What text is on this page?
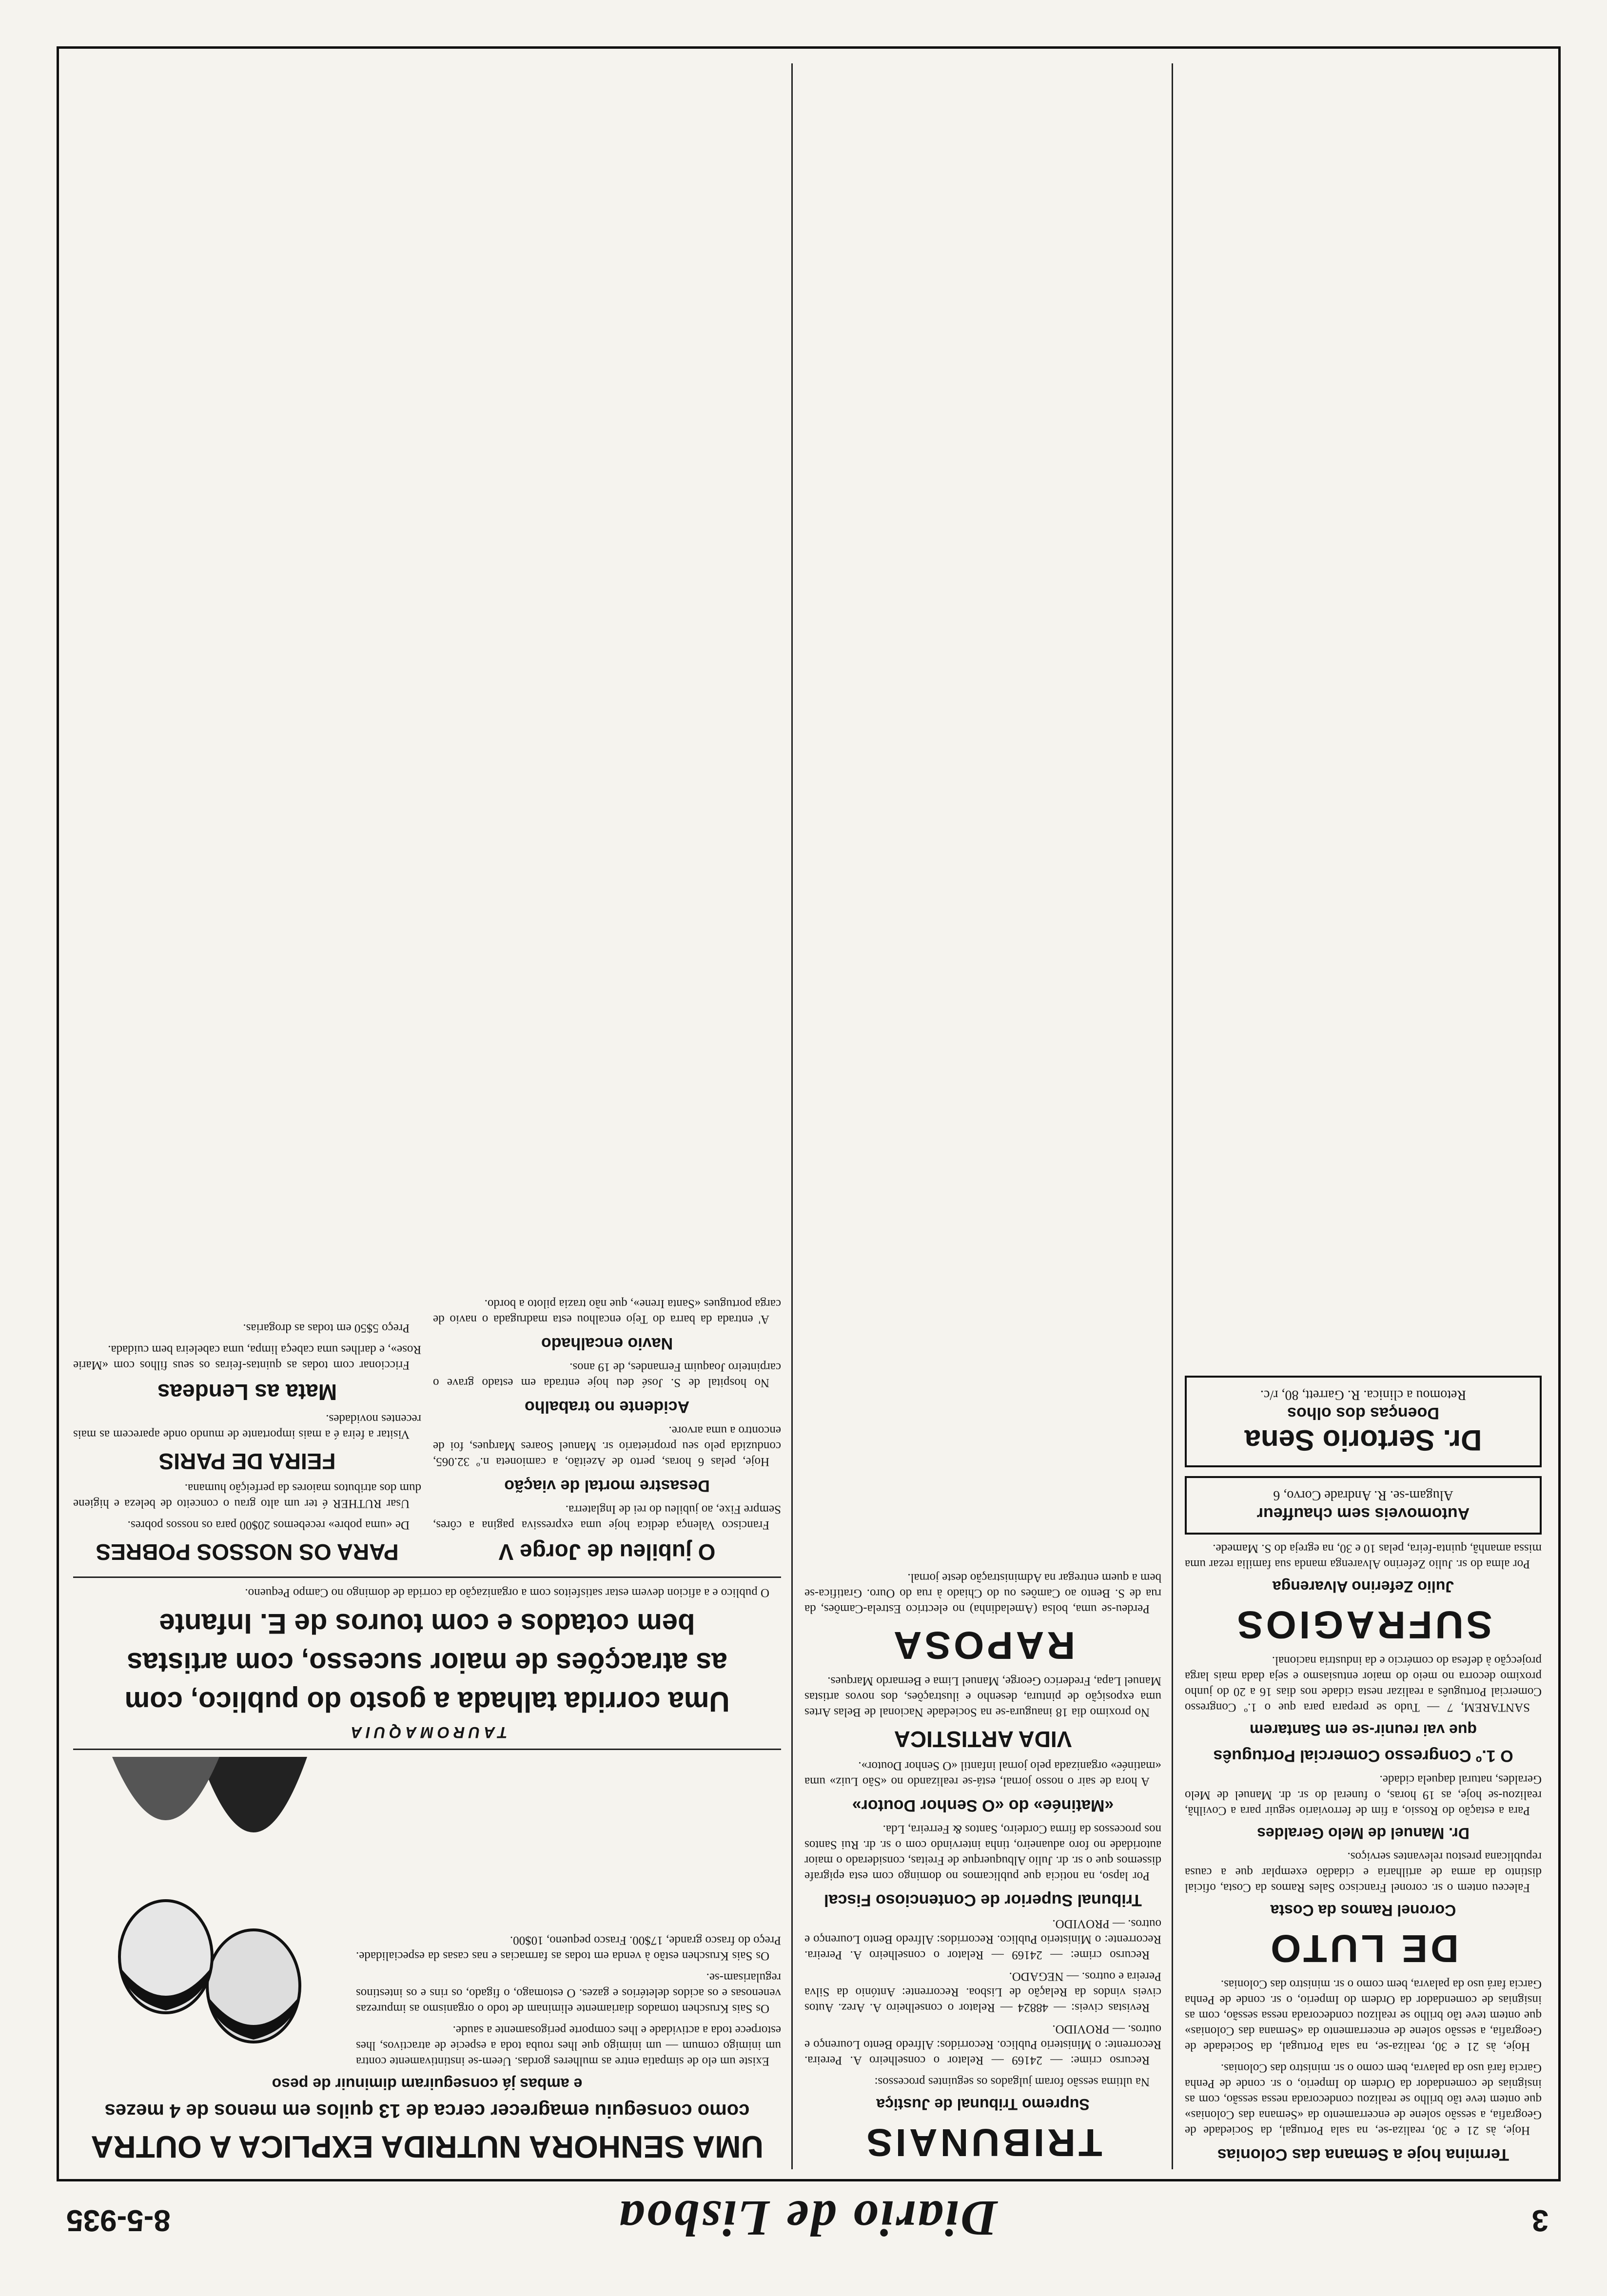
3
Diario de Lisboa
8-5-935
Termina hoje a Semana das Colonias

Hoje, às 21 e 30, realiza-se, na sala Portugal, da Sociedade de Geografia, a sessão solene de encerramento da «Semana das Colonias» que ontem teve tão brilho se realizou condecorada nessa sessão, com as insignias de comendador da Ordem do Imperio, o sr. conde de Penha Garcia fará uso da palavra, bem como o sr. ministro das Colonias.

Hoje, às 21 e 30, realiza-se, na sala Portugal, da Sociedade de Geografia, a sessão solene de encerramento da «Semana das Colonias» que ontem teve tão brilho se realizou condecorada nessa sessão, com as insignias de comendador da Ordem do Imperio, o sr. conde de Penha Garcia fará uso da palavra, bem como o sr. ministro das Colonias.

DE LUTO
Coronel Ramos da Costa

Faleceu ontem o sr. coronel Francisco Sales Ramos da Costa, oficial distinto da arma de artilharia e cidadão exemplar que a causa republicana prestou relevantes serviços.

Dr. Manuel de Melo Geraldes

Para a estação do Rossio, a fim de ferroviario seguir para a Covilhã, realizou-se hoje, as 19 horas, o funeral do sr. dr. Manuel de Melo Geraldes, natural daquela cidade.

O 1.º Congresso Comercial Português
que vai reunir-se em Santarem

SANTAREM, 7 — Tudo se prepara para que o 1.º Congresso Comercial Português a realizar nesta cidade nos dias 16 a 20 do junho proximo decorra no meio do maior entusiasmo e seja dada mais larga projecção à defesa do comércio e da industria nacional.

SUFRAGIOS
Julio Zeferino Alvarenga

Por alma do sr. Julio Zeferino Alvarenga manda sua familia rezar uma missa amanhã, quinta-feira, pelas 10 e 30, na egreja do S. Mamede.

Automoveis sem chauffeur
Alugam-se. R. Andrade Corvo, 6
Dr. Sertorio Sena
Doenças dos olhos
Retomou a clinica. R. Garrett, 80, r/c.
TRIBUNAIS
Supremo Tribunal de Justiça

Na ultima sessão foram julgados os seguintes processos:

Recurso crime: — 24169 — Relator o conselheiro A. Pereira. Recorrente: o Ministerio Publico. Recorridos: Alfredo Bento Lourenço e outros. — PROVIDO.

Revistas civeis: — 48824 — Relator o conselheiro A. Arez. Autos civeis vindos da Relação de Lisboa. Recorrente: António da Silva Pereira e outros. — NEGADO.

Recurso crime: — 24169 — Relator o conselheiro A. Pereira. Recorrente: o Ministerio Publico. Recorridos: Alfredo Bento Lourenço e outros. — PROVIDO.

Tribunal Superior de Contencioso Fiscal

Por lapso, na noticia que publicamos no domingo com esta epigrafe dissemos que o sr. dr. Julio Albuquerque de Freitas, considerado o maior autoridade no foro aduaneiro, tinha intervindo com o sr. dr. Rui Santos nos processos da firma Cordeiro, Santos & Ferreira, Lda.

«Matinée» do «O Senhor Doutor»

A hora de sair o nosso jornal, está-se realizando no «São Luiz» uma «matinée» organizada pelo jornal infantil «O Senhor Doutor».

VIDA ARTISTICA

No proximo dia 18 inaugura-se na Sociedade Nacional de Belas Artes uma exposição de pintura, desenho e ilustrações, dos novos artistas Manuel Lapa, Frederico George, Manuel Lima e Bernardo Marques.

RAPOSA

Perdeu-se uma, bolsa (Ameladinha) no electrico Estrela-Camões, da rua de S. Bento ao Camões ou do Chiado à rua do Ouro. Gratifica-se bem a quem entregar na Administração deste jornal.

UMA SENHORA NUTRIDA EXPLICA A OUTRA
como conseguiu emagrecer cerca de 13 quilos em menos de 4 mezes
e ambas já conseguiram diminuir de peso

Existe um elo de simpatia entre as mulheres gordas. Ueem-se instintivamente contra um inimigo comum — um inimigo que lhes rouba toda a especie de atractivos, lhes estorpece toda a actividade e lhes comporte perigosamente a saude.

Os Sais Kruschen tomados diariamente eliminam de todo o organismo as impurezas venenosas e os acidos deletérios e gazes. O estomago, o figado, os rins e os intestinos regularisam-se.

Os Sais Kruschen estão à venda em todas as farmacias e nas casas da especialidade. Preço do frasco grande, 17$00. Frasco pequeno, 10$00.

TAUROMAQUIA
Uma corrida talhada a gosto do publico, com
as atracções de maior sucesso, com artistas
bem cotados e com touros de E. Infante

O publico e a aficion devem estar satisfeitos com a organização da corrida de domingo no Campo Pequeno.

O jubileu de Jorge V

Francisco Valença dedica hoje uma expressiva pagina a côres, Sempre Fixe, ao jubileu do rei de Inglaterra.

Desastre mortal de viação

Hoje, pelas 6 horas, perto de Azeitão, a camioneta n.º 32.065, conduzida pelo seu proprietario sr. Manuel Soares Marques, foi de encontro a uma arvore.

Acidente no trabalho

No hospital de S. José deu hoje entrada em estado grave o carpinteiro Joaquim Fernandes, de 19 anos.

Navio encalhado

A' entrada da barra do Tejo encalhou esta madrugada o navio de carga portugues «Santa Irene», que não trazia piloto a bordo.

PARA OS NOSSOS POBRES

De «uma pobre» recebemos 20$00 para os nossos pobres.

Usar RUTHER é ter um alto grau o conceito de beleza e higiene dum dos atributos maiores da perfeição humana.

FEIRA DE PARIS

Visitar a feira é a mais importante de mundo onde aparecem as mais recentes novidades.

Mata as Lendeas

Friccionar com todas as quintas-feiras os seus filhos com «Marie Rose», e darlhes uma cabeça limpa, uma cabeleira bem cuidada.

Preço 5$50 em todas as drogarias.
